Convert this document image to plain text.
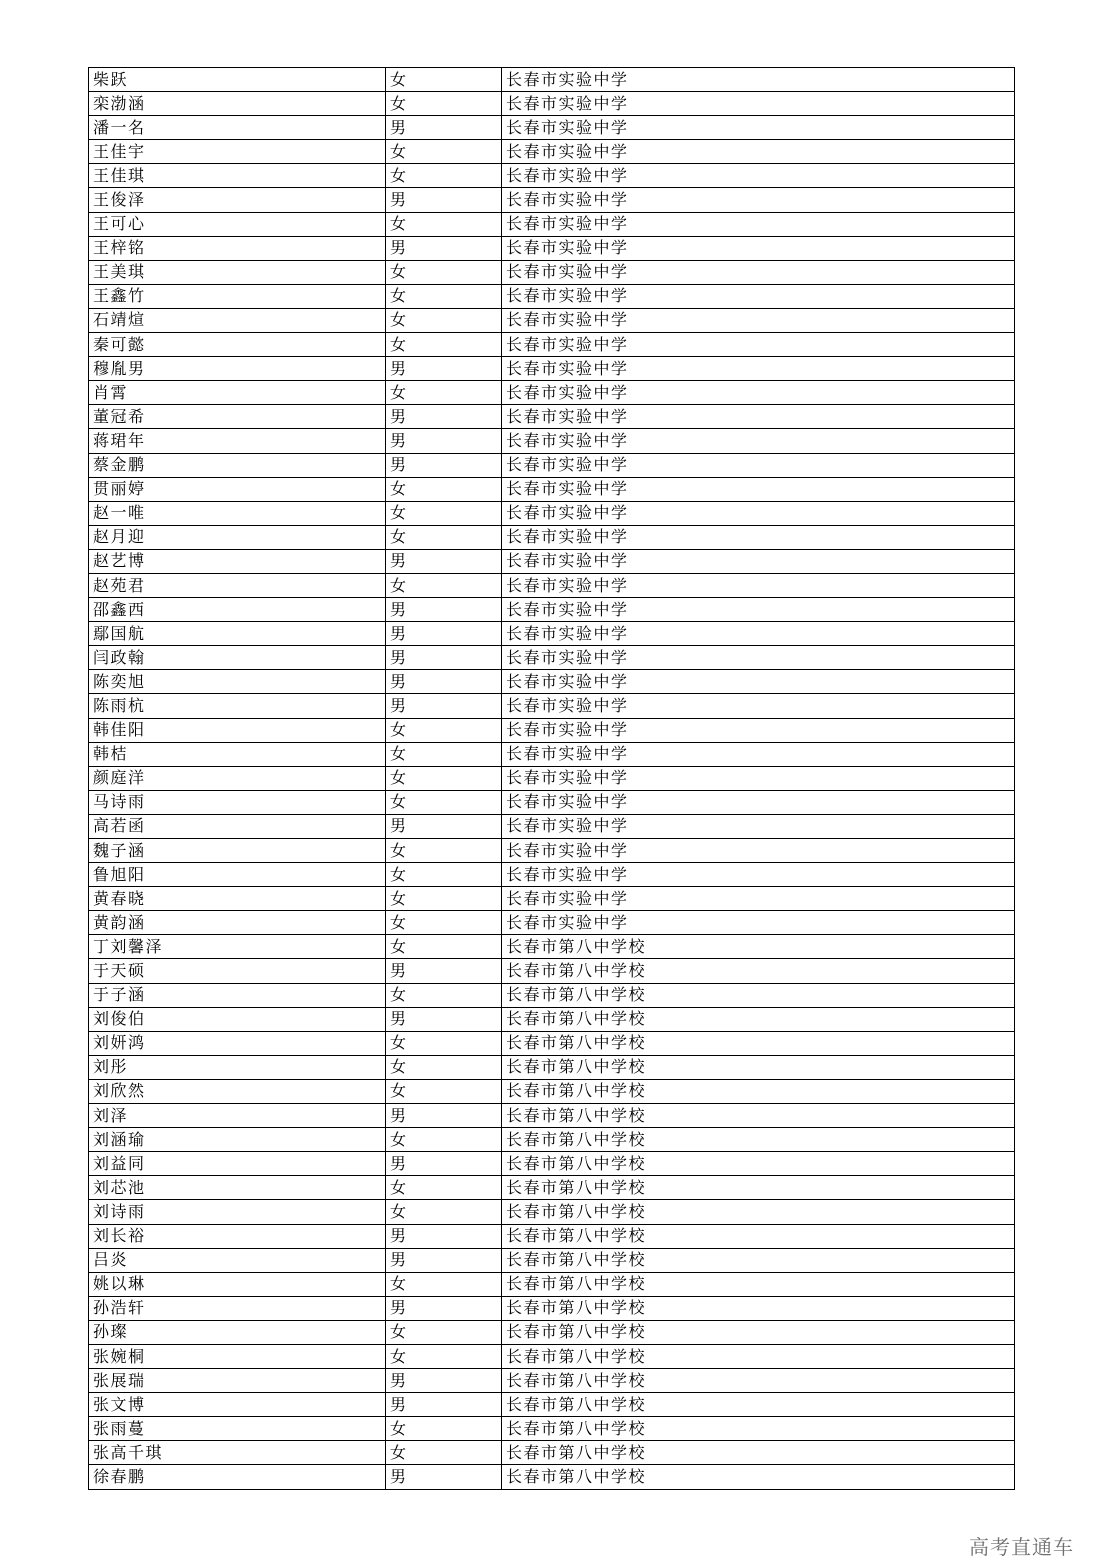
柴跃	女	长春市实验中学
栾渤涵	女	长春市实验中学
潘一名	男	长春市实验中学
王佳宇	女	长春市实验中学
王佳琪	女	长春市实验中学
王俊泽	男	长春市实验中学
王可心	女	长春市实验中学
王梓铭	男	长春市实验中学
王美琪	女	长春市实验中学
王鑫竹	女	长春市实验中学
石靖煊	女	长春市实验中学
秦可懿	女	长春市实验中学
穆胤男	男	长春市实验中学
肖霄	女	长春市实验中学
董冠希	男	长春市实验中学
蒋珺年	男	长春市实验中学
蔡金鹏	男	长春市实验中学
贯丽婷	女	长春市实验中学
赵一唯	女	长春市实验中学
赵月迎	女	长春市实验中学
赵艺博	男	长春市实验中学
赵苑君	女	长春市实验中学
邵鑫西	男	长春市实验中学
鄢国航	男	长春市实验中学
闫政翰	男	长春市实验中学
陈奕旭	男	长春市实验中学
陈雨杭	男	长春市实验中学
韩佳阳	女	长春市实验中学
韩桔	女	长春市实验中学
颜庭洋	女	长春市实验中学
马诗雨	女	长春市实验中学
高若函	男	长春市实验中学
魏子涵	女	长春市实验中学
鲁旭阳	女	长春市实验中学
黄春晓	女	长春市实验中学
黄韵涵	女	长春市实验中学
丁刘馨泽	女	长春市第八中学校
于天硕	男	长春市第八中学校
于子涵	女	长春市第八中学校
刘俊伯	男	长春市第八中学校
刘妍鸿	女	长春市第八中学校
刘彤	女	长春市第八中学校
刘欣然	女	长春市第八中学校
刘泽	男	长春市第八中学校
刘涵瑜	女	长春市第八中学校
刘益同	男	长春市第八中学校
刘芯池	女	长春市第八中学校
刘诗雨	女	长春市第八中学校
刘长裕	男	长春市第八中学校
吕炎	男	长春市第八中学校
姚以琳	女	长春市第八中学校
孙浩轩	男	长春市第八中学校
孙璨	女	长春市第八中学校
张婉桐	女	长春市第八中学校
张展瑞	男	长春市第八中学校
张文博	男	长春市第八中学校
张雨蔓	女	长春市第八中学校
张高千琪	女	长春市第八中学校
徐春鹏	男	长春市第八中学校
高考直通车
